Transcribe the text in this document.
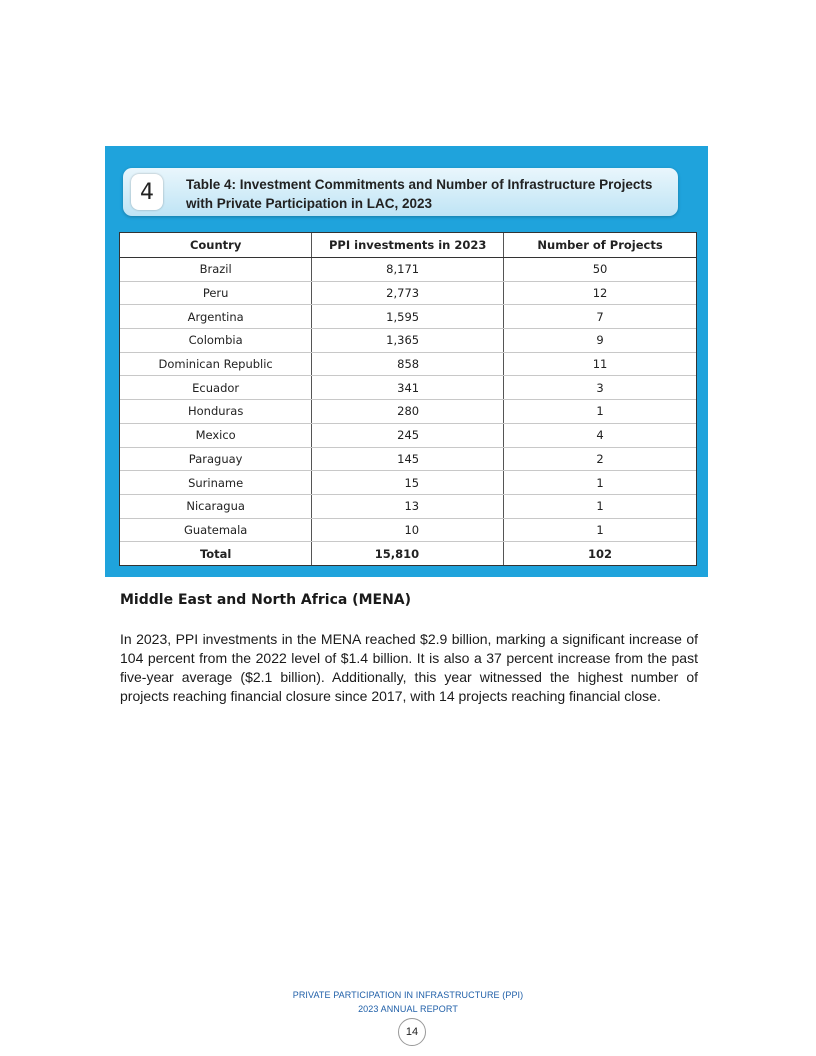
4	Table 4: Investment Commitments and Number of Infrastructure Projects with Private Participation in LAC, 2023
Country	PPI investments in 2023	Number of Projects
Brazil	8,171	50
Peru	2,773	12
Argentina	1,595	7
Colombia	1,365	9
Dominican Republic	858	11
Ecuador	341	3
Honduras	280	1
Mexico	245	4
Paraguay	145	2
Suriname	15	1
Nicaragua	13	1
Guatemala	10	1
Total	15,810	102
Middle East and North Africa (MENA)

In 2023, PPI investments in the MENA reached $2.9 billion, marking a significant increase of 104 percent from the 2022 level of $1.4 billion. It is also a 37 percent increase from the past five-year average ($2.1 billion). Additionally, this year witnessed the highest number of projects reaching financial closure since 2017, with 14 projects reaching financial close.

PRIVATE PARTICIPATION IN INFRASTRUCTURE (PPI)
2023 ANNUAL REPORT
14
